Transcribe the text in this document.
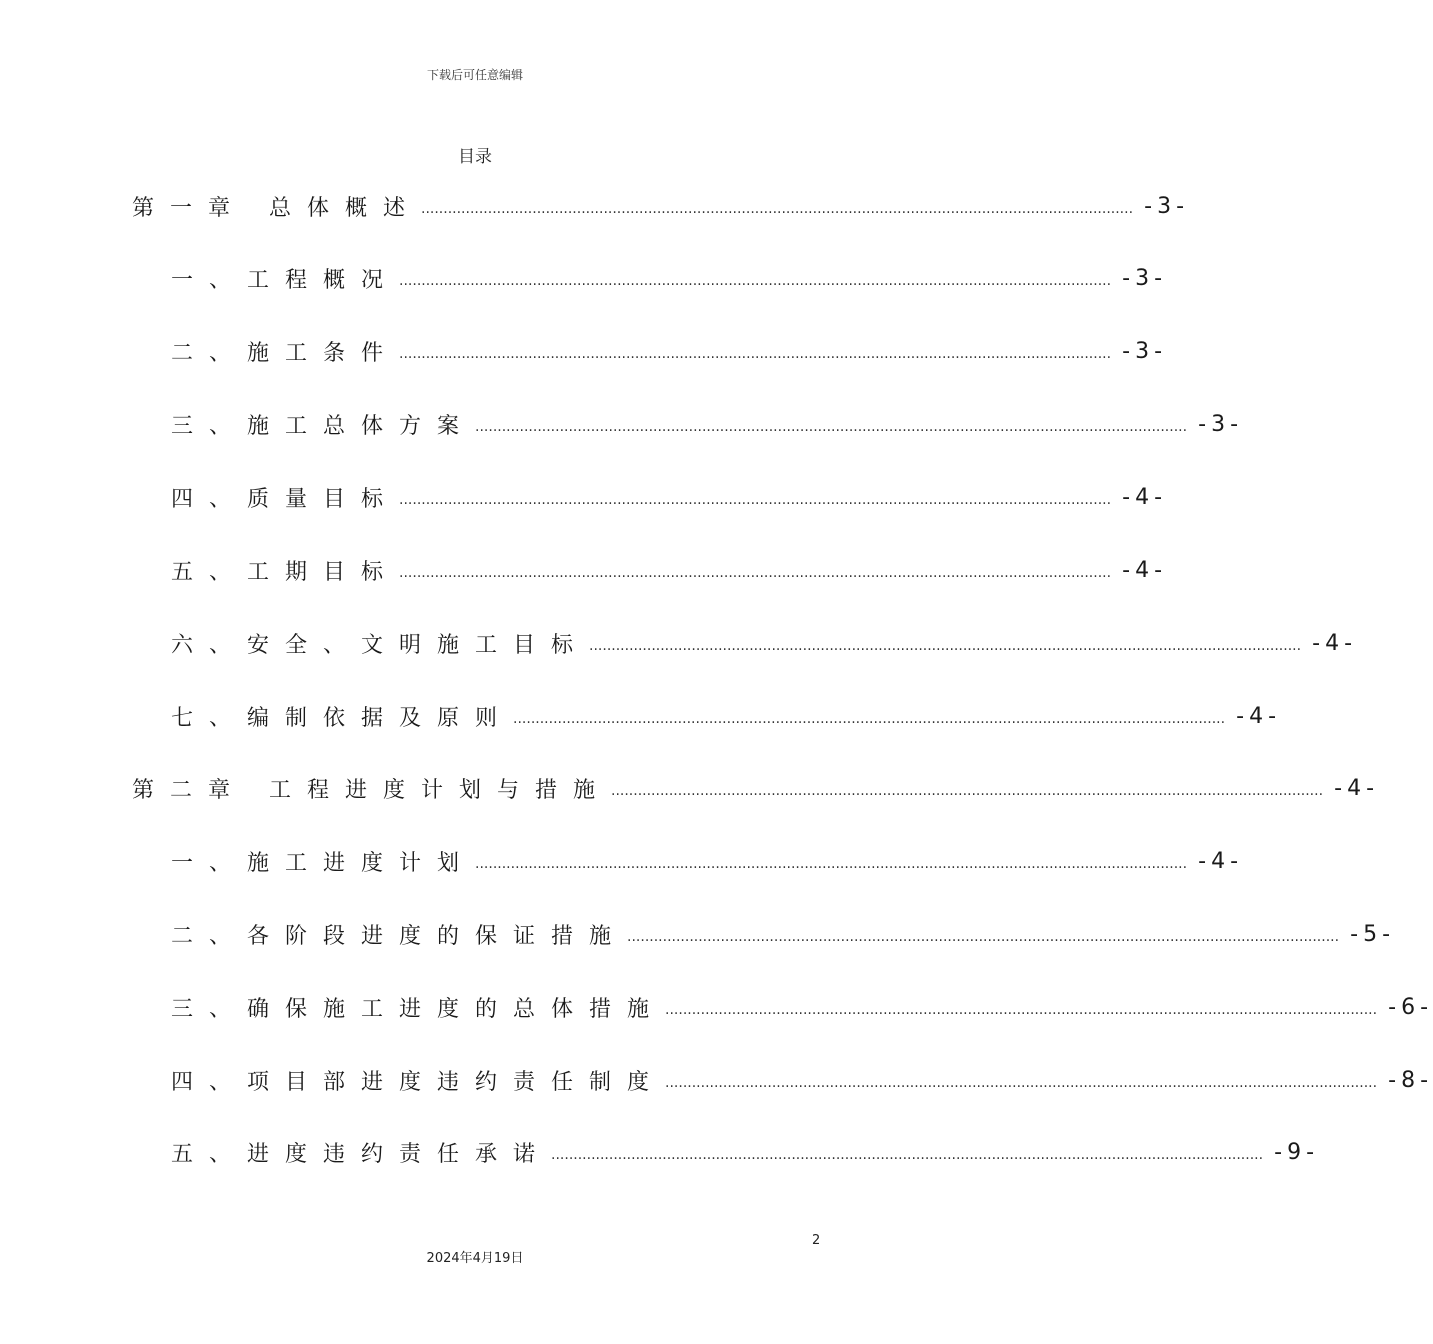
下载后可任意编辑
目录
第一章 总体概述 ................................................................................................................................................................ -3-
一、工程概况 ................................................................................................................................................................ -3-
二、施工条件 ................................................................................................................................................................ -3-
三、施工总体方案 ................................................................................................................................................................ -3-
四、质量目标 ................................................................................................................................................................ -4-
五、工期目标 ................................................................................................................................................................ -4-
六、安全、文明施工目标 ................................................................................................................................................................ -4-
七、编制依据及原则 ................................................................................................................................................................ -4-
第二章 工程进度计划与措施 ................................................................................................................................................................ -4-
一、施工进度计划 ................................................................................................................................................................ -4-
二、各阶段进度的保证措施 ................................................................................................................................................................ -5-
三、确保施工进度的总体措施 ................................................................................................................................................................ -6-
四、项目部进度违约责任制度 ................................................................................................................................................................ -8-
五、进度违约责任承诺 ................................................................................................................................................................ -9-
2
2024年4月19日
